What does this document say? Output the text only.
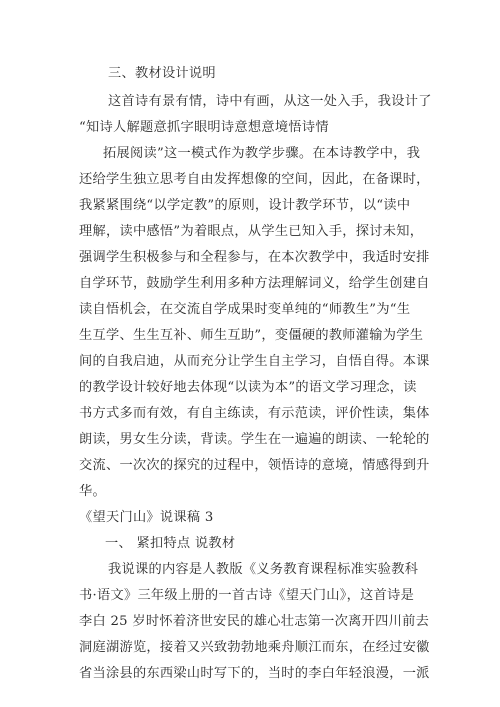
三、教材设计说明
这首诗有景有情，诗中有画，从这一处入手，我设计了
“知诗人解题意抓字眼明诗意想意境悟诗情
拓展阅读”这一模式作为教学步骤。在本诗教学中，我
还给学生独立思考自由发挥想像的空间，因此，在备课时，
我紧紧围绕“以学定教”的原则，设计教学环节，以“读中
理解，读中感悟”为着眼点，从学生已知入手，探讨未知，
强调学生积极参与和全程参与，在本次教学中，我适时安排
自学环节，鼓励学生利用多种方法理解词义，给学生创建自
读自悟机会，在交流自学成果时变单纯的“师教生”为“生
生互学、生生互补、师生互助”，变僵硬的教师灌输为学生
间的自我启迪，从而充分让学生自主学习，自悟自得。本课
的教学设计较好地去体现“以读为本”的语文学习理念，读
书方式多而有效，有自主练读，有示范读，评价性读，集体
朗读，男女生分读，背读。学生在一遍遍的朗读、一轮轮的
交流、一次次的探究的过程中，领悟诗的意境，情感得到升
华。
《望天门山》说课稿 3
一、 紧扣特点 说教材
我说课的内容是人教版《义务教育课程标准实验教科
书·语文》三年级上册的一首古诗《望天门山》，这首诗是
李白 25 岁时怀着济世安民的雄心壮志第一次离开四川前去
洞庭湖游览，接着又兴致勃勃地乘舟顺江而东，在经过安徽
省当涂县的东西梁山时写下的，当时的李白年轻浪漫，一派
